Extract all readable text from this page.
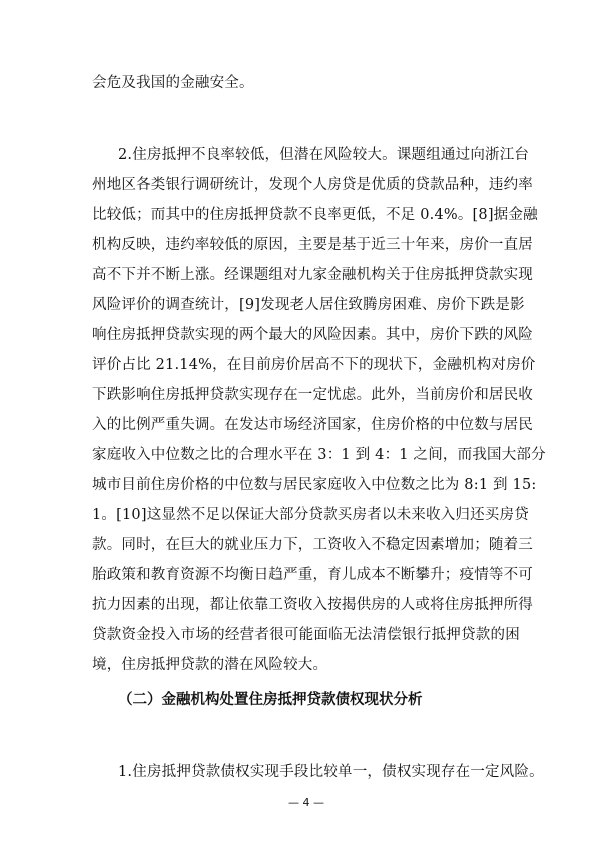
会危及我国的金融安全。
2.住房抵押不良率较低，但潜在风险较大。课题组通过向浙江台
州地区各类银行调研统计，发现个人房贷是优质的贷款品种，违约率
比较低；而其中的住房抵押贷款不良率更低，不足 0.4%。[8]据金融
机构反映，违约率较低的原因，主要是基于近三十年来，房价一直居
高不下并不断上涨。经课题组对九家金融机构关于住房抵押贷款实现
风险评价的调查统计，[9]发现老人居住致腾房困难、房价下跌是影
响住房抵押贷款实现的两个最大的风险因素。其中，房价下跌的风险
评价占比 21.14%，在目前房价居高不下的现状下，金融机构对房价
下跌影响住房抵押贷款实现存在一定忧虑。此外，当前房价和居民收
入的比例严重失调。在发达市场经济国家，住房价格的中位数与居民
家庭收入中位数之比的合理水平在 3：1 到 4：1 之间，而我国大部分
城市目前住房价格的中位数与居民家庭收入中位数之比为 8:1 到 15:
1。[10]这显然不足以保证大部分贷款买房者以未来收入归还买房贷
款。同时，在巨大的就业压力下，工资收入不稳定因素增加；随着三
胎政策和教育资源不均衡日趋严重，育儿成本不断攀升；疫情等不可
抗力因素的出现，都让依靠工资收入按揭供房的人或将住房抵押所得
贷款资金投入市场的经营者很可能面临无法清偿银行抵押贷款的困
境，住房抵押贷款的潜在风险较大。
（二）金融机构处置住房抵押贷款债权现状分析
1.住房抵押贷款债权实现手段比较单一，债权实现存在一定风险。
— 4 —
